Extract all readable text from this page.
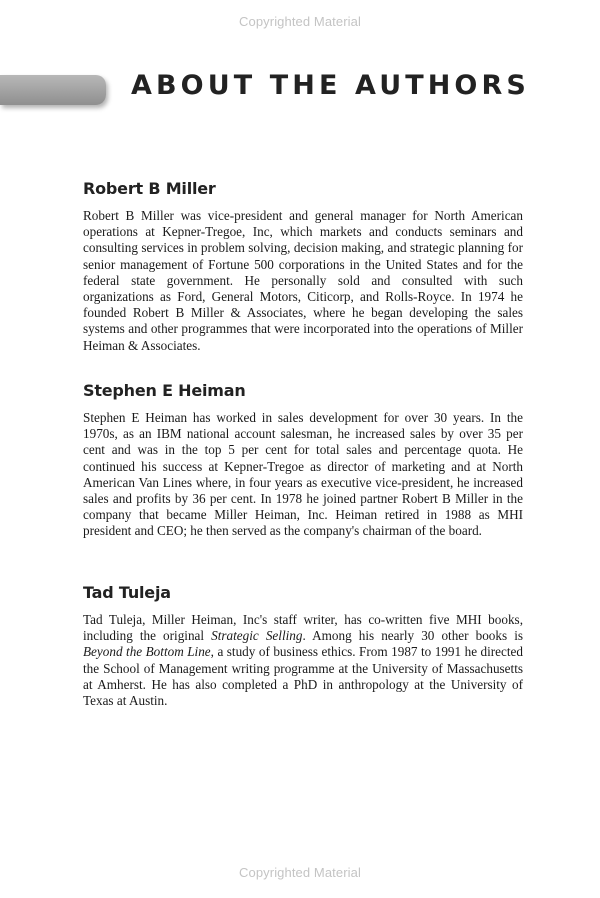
Copyrighted Material
ABOUT THE AUTHORS
Robert B Miller

Robert B Miller was vice-president and general manager for North American operations at Kepner-Tregoe, Inc, which markets and conducts seminars and consulting services in problem solving, decision making, and strategic planning for senior management of Fortune 500 corporations in the United States and for the federal state government. He personally sold and consulted with such organizations as Ford, General Motors, Citicorp, and Rolls-Royce. In 1974 he founded Robert B Miller & Associates, where he began developing the sales systems and other programmes that were incorporated into the operations of Miller Heiman & Associates.

Stephen E Heiman

Stephen E Heiman has worked in sales development for over 30 years. In the 1970s, as an IBM national account salesman, he increased sales by over 35 per cent and was in the top 5 per cent for total sales and percentage quota. He continued his success at Kepner-Tregoe as director of marketing and at North American Van Lines where, in four years as executive vice-president, he increased sales and profits by 36 per cent. In 1978 he joined partner Robert B Miller in the company that became Miller Heiman, Inc. Heiman retired in 1988 as MHI president and CEO; he then served as the company's chairman of the board.

Tad Tuleja

Tad Tuleja, Miller Heiman, Inc's staff writer, has co-written five MHI books, including the original Strategic Selling. Among his nearly 30 other books is Beyond the Bottom Line, a study of business ethics. From 1987 to 1991 he directed the School of Management writing programme at the University of Massachusetts at Amherst. He has also completed a PhD in anthropology at the University of Texas at Austin.

Copyrighted Material
